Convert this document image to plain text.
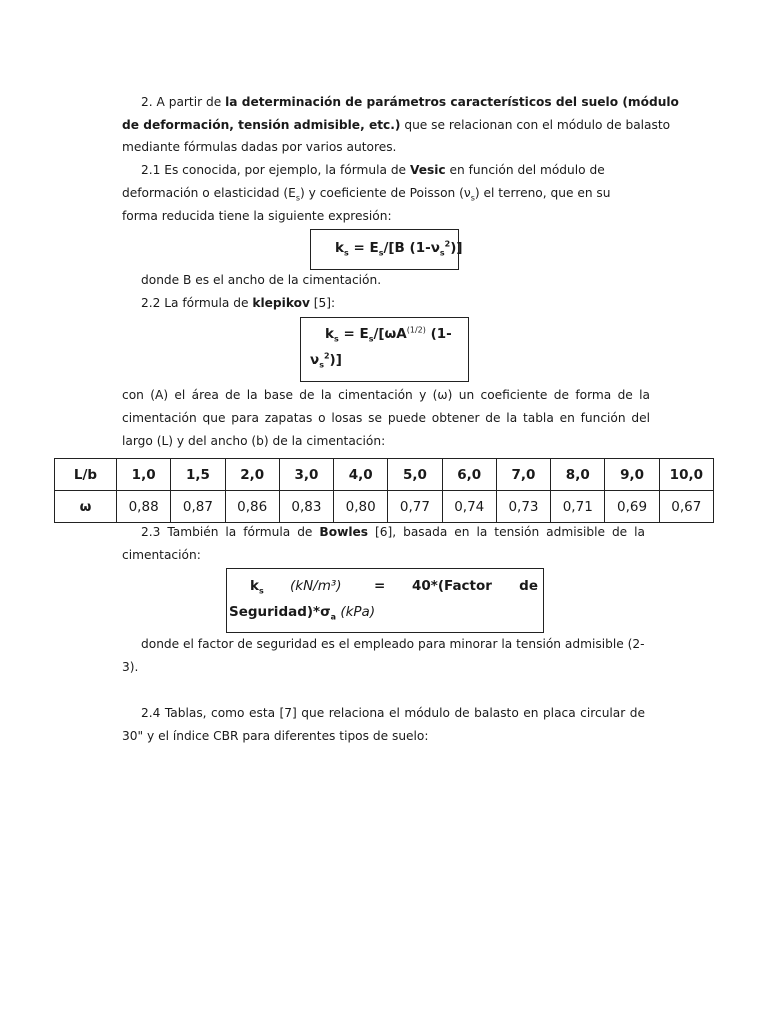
2. A partir de la determinación de parámetros característicos del suelo (módulo
de deformación, tensión admisible, etc.) que se relacionan con el módulo de balasto
mediante fórmulas dadas por varios autores.
2.1 Es conocida, por ejemplo, la fórmula de Vesic en función del módulo de
deformación o elasticidad $(E_s)$ y coeficiente de Poisson $(\nu_s)$ el terreno, que en su
forma reducida tiene la siguiente expresión:
$k_s = E_s/[B$ $(1-\nu_s^2)$]
donde B es el ancho de la cimentación.
2.2 La fórmula de klepikov [5]:
$k_s = E_s/[\omega A^{(1/2)}$ (1-
$\nu_s^2$)]
con (A) el área de la base de la cimentación y (ω) un coeficiente de forma de la
cimentación que para zapatas o losas se puede obtener de la tabla en función del
largo (L) y del ancho (b) de la cimentación:
L/b	1,0	1,5	2,0	3,0	4,0	5,0	6,0	7,0	8,0	9,0	10,0
ω	0,88	0,87	0,86	0,83	0,80	0,77	0,74	0,73	0,71	0,69	0,67
2.3 También la fórmula de Bowles [6], basada en la tensión admisible de la
cimentación:
$k_s$ (kN/m³) = 40*(Factor de
$Seguridad)*\sigma_a$ (kPa)
donde el factor de seguridad es el empleado para minorar la tensión admisible (2-
3).
2.4 Tablas, como esta [7] que relaciona el módulo de balasto en placa circular de
30" y el índice CBR para diferentes tipos de suelo:
